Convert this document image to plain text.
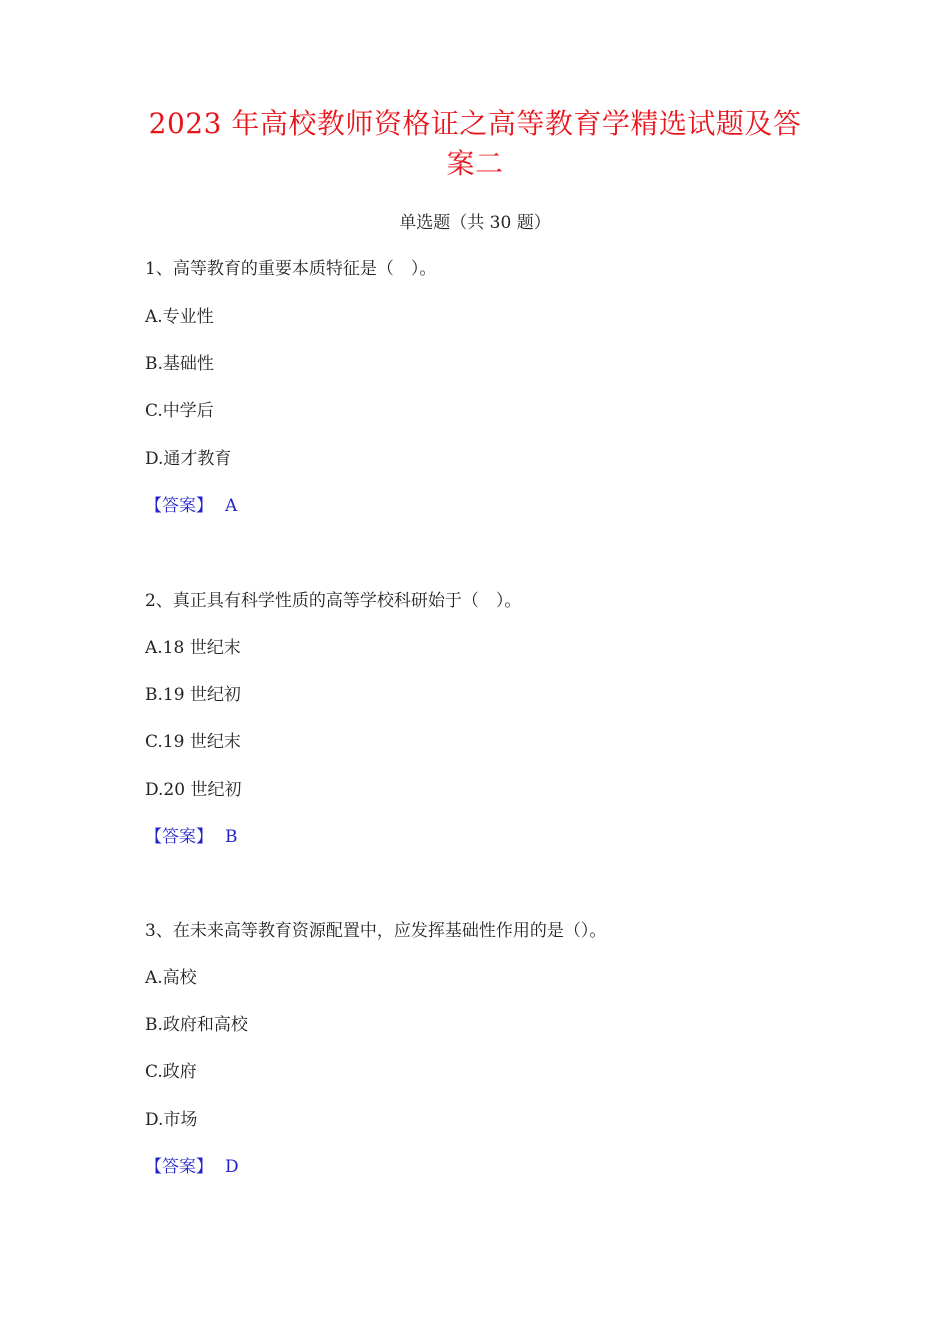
2023 年高校教师资格证之高等教育学精选试题及答
案二
单选题（共 30 题）
1、高等教育的重要本质特征是（　）。
A.专业性
B.基础性
C.中学后
D.通才教育
【答案】 A
2、真正具有科学性质的高等学校科研始于（　）。
A.18 世纪末
B.19 世纪初
C.19 世纪末
D.20 世纪初
【答案】 B
3、在未来高等教育资源配置中，应发挥基础性作用的是（）。
A.高校
B.政府和高校
C.政府
D.市场
【答案】 D
